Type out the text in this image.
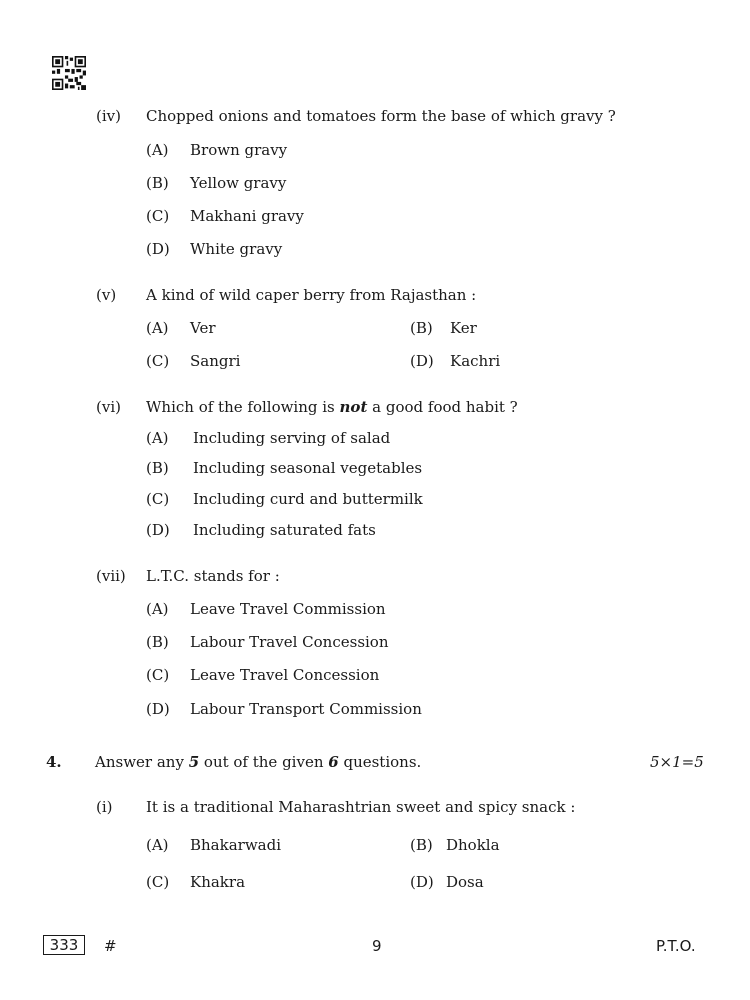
(iv) Chopped onions and tomatoes form the base of which gravy ?
(A) Brown gravy
(B) Yellow gravy
(C) Makhani gravy
(D) White gravy
(v) A kind of wild caper berry from Rajasthan :
(A) Ver	(B) Ker
(C) Sangri	(D) Kachri
(vi) Which of the following is not a good food habit ?
(A) Including serving of salad
(B) Including seasonal vegetables
(C) Including curd and buttermilk
(D) Including saturated fats
(vii) L.T.C. stands for :
(A) Leave Travel Commission
(B) Labour Travel Concession
(C) Leave Travel Concession
(D) Labour Transport Commission
4. Answer any 5 out of the given 6 questions.	5×1=5
(i) It is a traditional Maharashtrian sweet and spicy snack :
(A) Bhakarwadi	(B) Dhokla
(C) Khakra	(D) Dosa
333	#	9	P.T.O.
